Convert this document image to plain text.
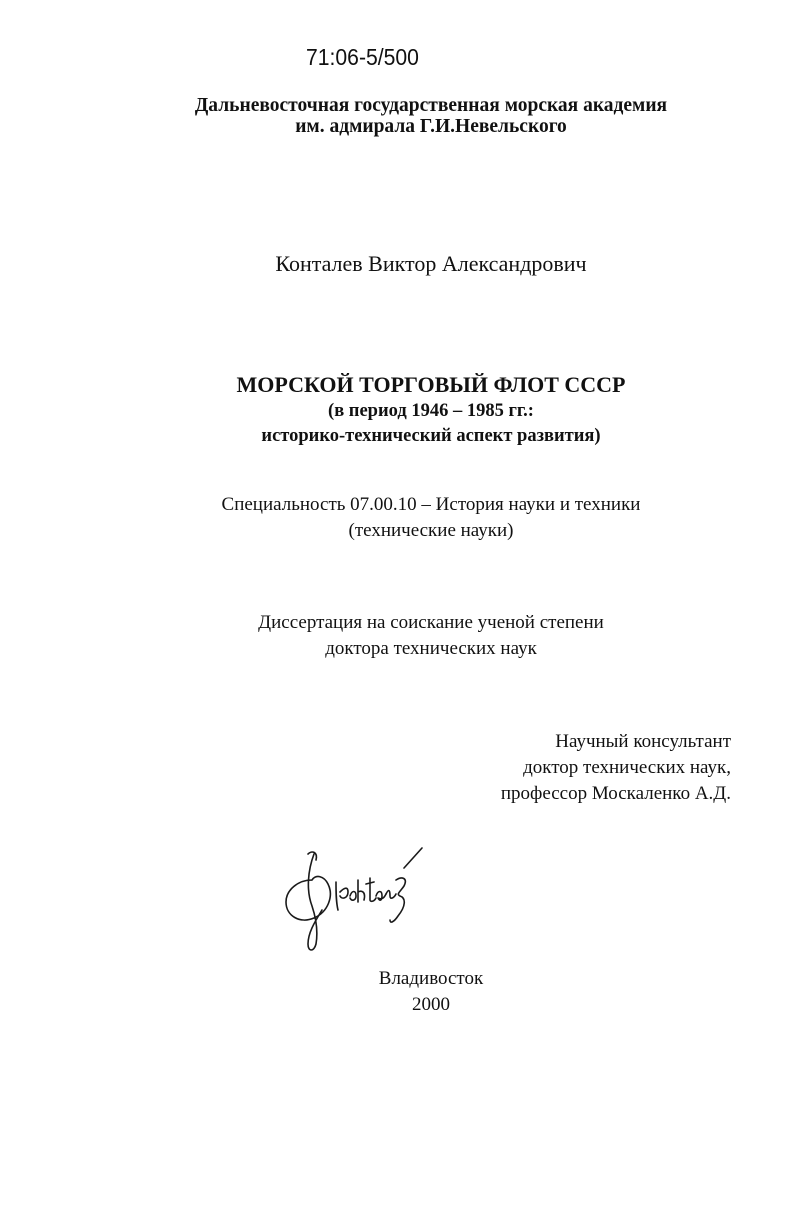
71:06-5/500
Дальневосточная государственная морская академия
им. адмирала Г.И.Невельского
Конталев Виктор Александрович
МОРСКОЙ ТОРГОВЫЙ ФЛОТ СССР
(в период 1946 – 1985 гг.:
историко-технический аспект развития)
Специальность 07.00.10 – История науки и техники
(технические науки)
Диссертация на соискание ученой степени
доктора технических наук
Научный консультант
доктор технических наук,
профессор Москаленко А.Д.
Владивосток
2000
